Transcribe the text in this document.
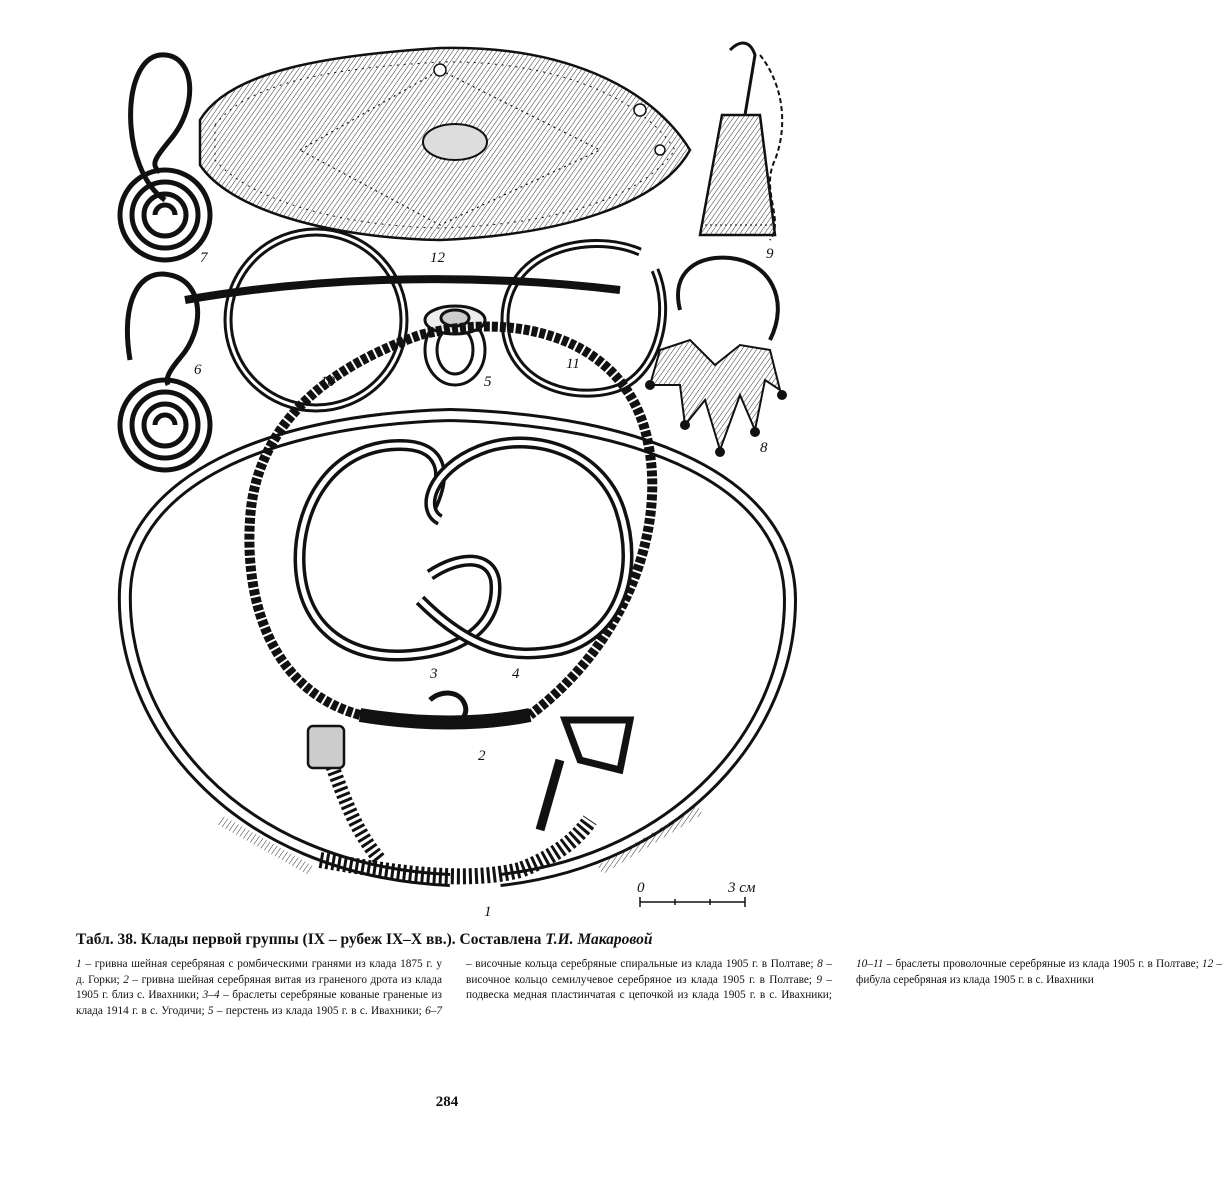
1
2
3	4
5
6
7
8
9
10
11
12
0	3 см
Табл. 38. Клады первой группы (IX – рубеж IX–X вв.). Составлена Т.И. Макаровой
1 – гривна шейная серебряная с ромбическими гранями из клада 1875 г. у д. Горки; 2 – гривна шейная серебряная витая из граненого дрота из клада 1905 г. близ с. Ивахники; 3–4 – браслеты серебряные кованые граненые из клада 1914 г. в с. Угодичи; 5 – перстень из клада 1905 г. в с. Ивахники; 6–7 – височные кольца серебряные спиральные из клада 1905 г. в Полтаве; 8 – височное кольцо семилучевое серебряное из клада 1905 г. в Полтаве; 9 – подвеска медная пластинчатая с цепочкой из клада 1905 г. в с. Ивахники; 10–11 – браслеты проволочные серебряные из клада 1905 г. в Полтаве; 12 – фибула серебряная из клада 1905 г. в с. Ивахники
284
